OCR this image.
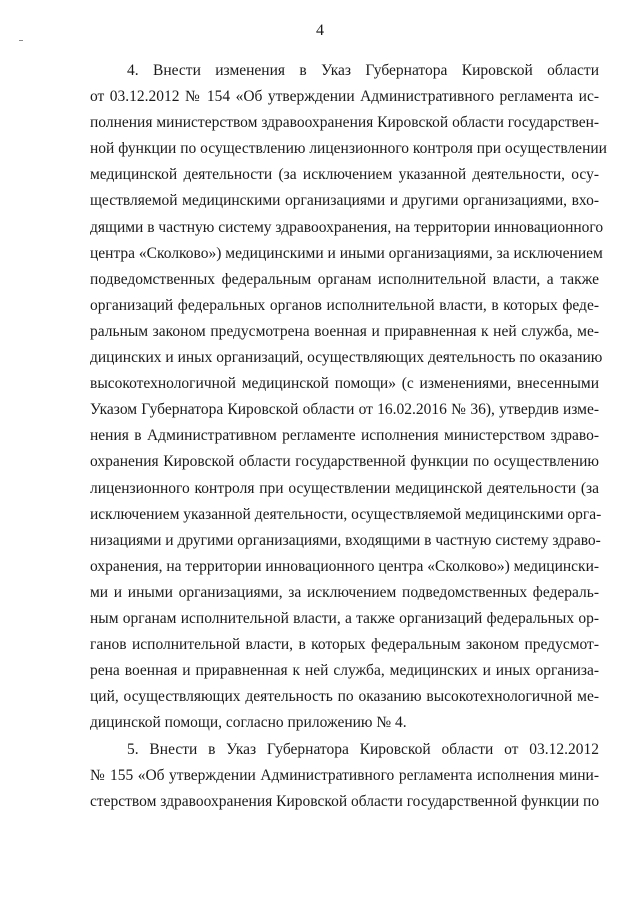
4
4. Внести изменения в Указ Губернатора Кировской области
от 03.12.2012 № 154 «Об утверждении Административного регламента ис-
полнения министерством здравоохранения Кировской области государствен-
ной функции по осуществлению лицензионного контроля при осуществлении
медицинской деятельности (за исключением указанной деятельности, осу-
ществляемой медицинскими организациями и другими организациями, вхо-
дящими в частную систему здравоохранения, на территории инновационного
центра «Сколково») медицинскими и иными организациями, за исключением
подведомственных федеральным органам исполнительной власти, а также
организаций федеральных органов исполнительной власти, в которых феде-
ральным законом предусмотрена военная и приравненная к ней служба, ме-
дицинских и иных организаций, осуществляющих деятельность по оказанию
высокотехнологичной медицинской помощи» (с изменениями, внесенными
Указом Губернатора Кировской области от 16.02.2016 № 36), утвердив изме-
нения в Административном регламенте исполнения министерством здраво-
охранения Кировской области государственной функции по осуществлению
лицензионного контроля при осуществлении медицинской деятельности (за
исключением указанной деятельности, осуществляемой медицинскими орга-
низациями и другими организациями, входящими в частную систему здраво-
охранения, на территории инновационного центра «Сколково») медицински-
ми и иными организациями, за исключением подведомственных федераль-
ным органам исполнительной власти, а также организаций федеральных ор-
ганов исполнительной власти, в которых федеральным законом предусмот-
рена военная и приравненная к ней служба, медицинских и иных организа-
ций, осуществляющих деятельность по оказанию высокотехнологичной ме-
дицинской помощи, согласно приложению № 4.
5. Внести в Указ Губернатора Кировской области от 03.12.2012
№ 155 «Об утверждении Административного регламента исполнения мини-
стерством здравоохранения Кировской области государственной функции по
